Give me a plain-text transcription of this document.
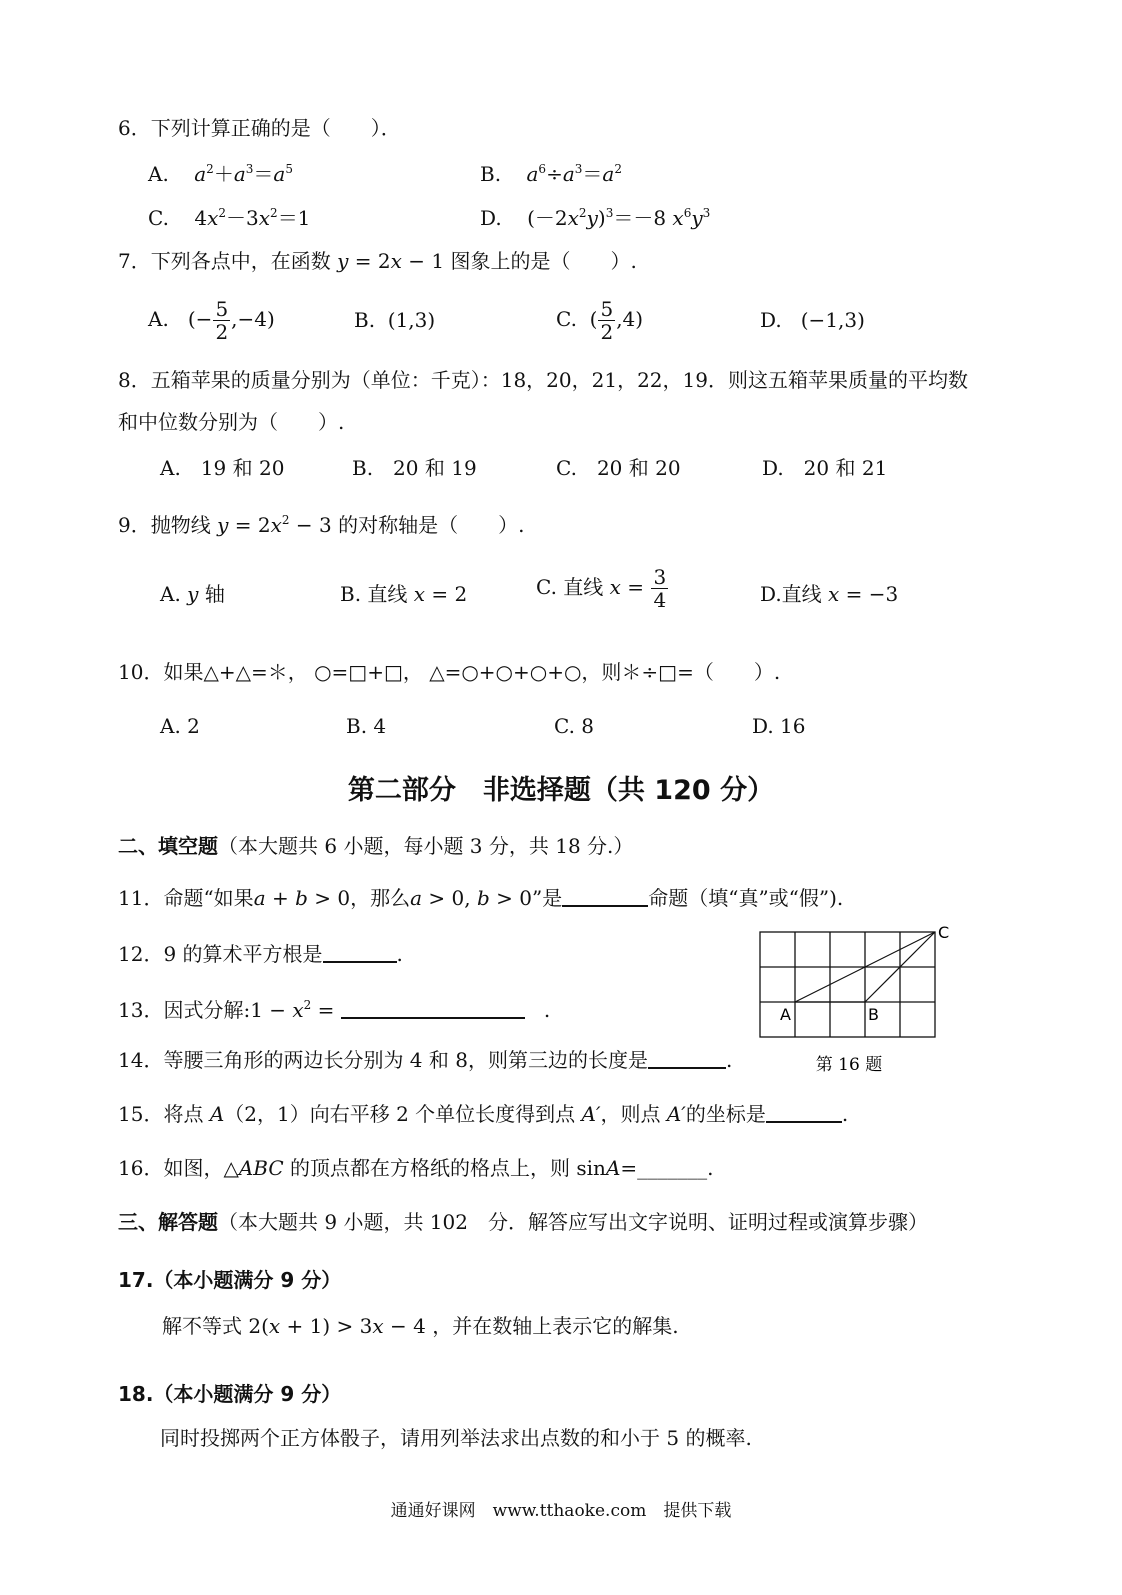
6．下列计算正确的是（　　）．
A.    $a^2+a^3=a^5$	B.    $a^6\div a^3=a^2$
C.    $4x^2-3x^2=1$	D.    $(-2x^2y)^3=-8$ $x^6y^3$
7．下列各点中，在函数 y = 2x − 1 图象上的是（　　）.
A.   (− $\frac{5}{2} ,-4$)	B.  (1,3)	C.  ( $\frac{5}{2} ,4$)	D.   (−1,3)
8．五箱苹果的质量分别为（单位：千克）：18，20，21，22，19．则这五箱苹果质量的平均数
和中位数分别为（　　）.
A.　19 和 20	B.　20 和 19	C.　20 和 20	D.　20 和 21
9．抛物线 $y = 2x^2 - 3$ 的对称轴是（　　）.
A. y 轴	B. 直线 x = 2	C. 直线 $x = \frac{3}{4}$	D.直线 x = −3
10．如果△+△=＊， ○=□+□， △=○+○+○+○，则＊÷□=（　　）.
A. 2	B. 4	C. 8	D. 16
第二部分　非选择题（共 120 分）
二、填空题（本大题共 6 小题，每小题 3 分，共 18 分.）
11．命题“如果a + b > 0，那么a > 0, b > 0”是	命题（填“真”或“假”).
12．9 的算术平方根是	.
13．因式分解:1 − $x^2$ =	.
14．等腰三角形的两边长分别为 4 和 8，则第三边的长度是	.
15．将点 A（2，1）向右平移 2 个单位长度得到点 A′，则点 A′的坐标是	.
16．如图，△ABC 的顶点都在方格纸的格点上，则 sinA=_______.
A	B
C
第 16 题
三、解答题（本大题共 9 小题，共 102　分．解答应写出文字说明、证明过程或演算步骤）
17.（本小题满分 9 分）
解不等式 2(x + 1) > 3x − 4 ，并在数轴上表示它的解集.
18.（本小题满分 9 分）
同时投掷两个正方体骰子，请用列举法求出点数的和小于 5 的概率.
通通好课网　www.tthaoke.com　提供下载
